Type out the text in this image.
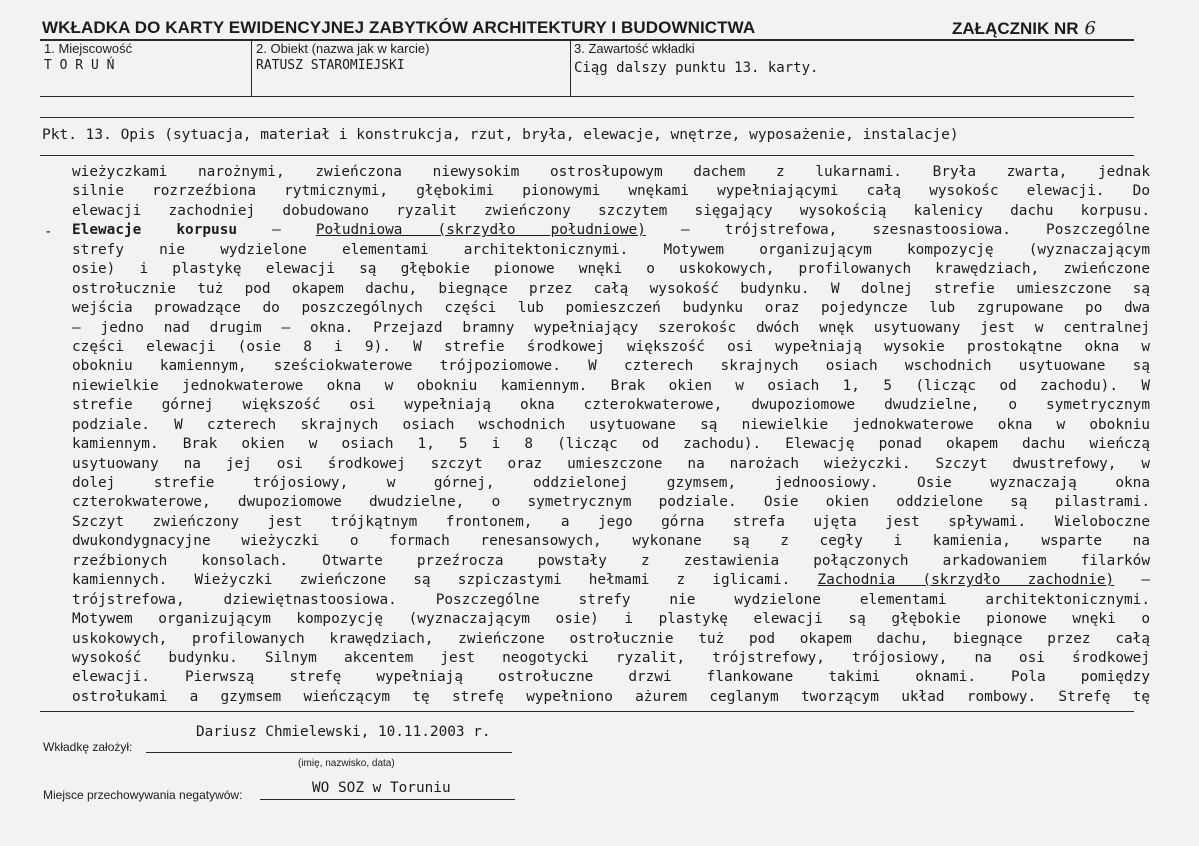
WKŁADKA DO KARTY EWIDENCYJNEJ ZABYTKÓW ARCHITEKTURY I BUDOWNICTWA	ZAŁĄCZNIK NR 6
1. Miejscowość
T O R U Ń
2. Obiekt (nazwa jak w karcie)
RATUSZ STAROMIEJSKI
3. Zawartość wkładki
Ciąg dalszy punktu 13. karty.
Pkt. 13. Opis (sytuacja, materiał i konstrukcja, rzut, bryła, elewacje, wnętrze, wyposażenie, instalacje)
-
wieżyczkami narożnymi, zwieńczona niewysokim ostrosłupowym dachem z lukarnami. Bryła zwarta, jednak
silnie rozrzeźbiona rytmicznymi, głębokimi pionowymi wnękami wypełniającymi całą wysokośc elewacji. Do
elewacji zachodniej dobudowano ryzalit zwieńczony szczytem sięgający wysokością kalenicy dachu korpusu.
Elewacje korpusu – Południowa (skrzydło południowe) – trójstrefowa, szesnastoosiowa. Poszczególne
strefy nie wydzielone elementami architektonicznymi. Motywem organizującym kompozycję (wyznaczającym
osie) i plastykę elewacji są głębokie pionowe wnęki o uskokowych, profilowanych krawędziach, zwieńczone
ostrołucznie tuż pod okapem dachu, biegnące przez całą wysokość budynku. W dolnej strefie umieszczone są
wejścia prowadzące do poszczególnych części lub pomieszczeń budynku oraz pojedyncze lub zgrupowane po dwa
– jedno nad drugim – okna. Przejazd bramny wypełniający szerokośc dwóch wnęk usytuowany jest w centralnej
części elewacji (osie 8 i 9). W strefie środkowej większość osi wypełniają wysokie prostokątne okna w
obokniu kamiennym, sześciokwaterowe trójpoziomowe. W czterech skrajnych osiach wschodnich usytuowane są
niewielkie jednokwaterowe okna w obokniu kamiennym. Brak okien w osiach 1, 5 (licząc od zachodu). W
strefie górnej większość osi wypełniają okna czterokwaterowe, dwupoziomowe dwudzielne, o symetrycznym
podziale. W czterech skrajnych osiach wschodnich usytuowane są niewielkie jednokwaterowe okna w obokniu
kamiennym. Brak okien w osiach 1, 5 i 8 (licząc od zachodu). Elewację ponad okapem dachu wieńczą
usytuowany na jej osi środkowej szczyt oraz umieszczone na narożach wieżyczki. Szczyt dwustrefowy, w
dolej strefie trójosiowy, w górnej, oddzielonej gzymsem, jednoosiowy. Osie wyznaczają okna
czterokwaterowe, dwupoziomowe dwudzielne, o symetrycznym podziale. Osie okien oddzielone są pilastrami.
Szczyt zwieńczony jest trójkątnym frontonem, a jego górna strefa ujęta jest spływami. Wieloboczne
dwukondygnacyjne wieżyczki o formach renesansowych, wykonane są z cegły i kamienia, wsparte na
rzeźbionych konsolach. Otwarte przeźrocza powstały z zestawienia połączonych arkadowaniem filarków
kamiennych. Wieżyczki zwieńczone są szpiczastymi hełmami z iglicami. Zachodnia (skrzydło zachodnie) –
trójstrefowa, dziewiętnastoosiowa. Poszczególne strefy nie wydzielone elementami architektonicznymi.
Motywem organizującym kompozycję (wyznaczającym osie) i plastykę elewacji są głębokie pionowe wnęki o
uskokowych, profilowanych krawędziach, zwieńczone ostrołucznie tuż pod okapem dachu, biegnące przez całą
wysokość budynku. Silnym akcentem jest neogotycki ryzalit, trójstrefowy, trójosiowy, na osi środkowej
elewacji. Pierwszą strefę wypełniają ostrołuczne drzwi flankowane takimi oknami. Pola pomiędzy
ostrołukami a gzymsem wieńczącym tę strefę wypełniono ażurem ceglanym tworzącym układ rombowy. Strefę tę
Wkładkę założył:
Dariusz Chmielewski, 10.11.2003 r.
(imię, nazwisko, data)
Miejsce przechowywania negatywów:	WO SOZ w Toruniu
